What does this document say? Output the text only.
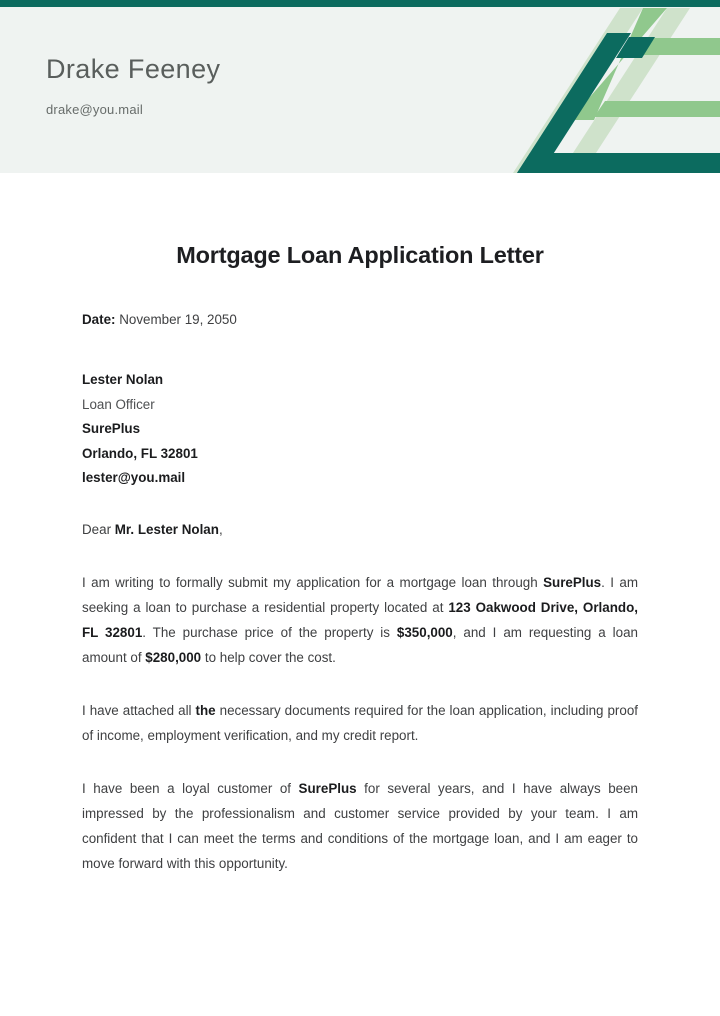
Drake Feeney
drake@you.mail
Mortgage Loan Application Letter

Date: November 19, 2050

Lester Nolan
Loan Officer
SurePlus
Orlando, FL 32801
lester@you.mail

Dear Mr. Lester Nolan,

I am writing to formally submit my application for a mortgage loan through SurePlus. I am seeking a loan to purchase a residential property located at 123 Oakwood Drive, Orlando, FL 32801. The purchase price of the property is $350,000, and I am requesting a loan amount of $280,000 to help cover the cost.

I have attached all the necessary documents required for the loan application, including proof of income, employment verification, and my credit report.

I have been a loyal customer of SurePlus for several years, and I have always been impressed by the professionalism and customer service provided by your team. I am confident that I can meet the terms and conditions of the mortgage loan, and I am eager to move forward with this opportunity.
